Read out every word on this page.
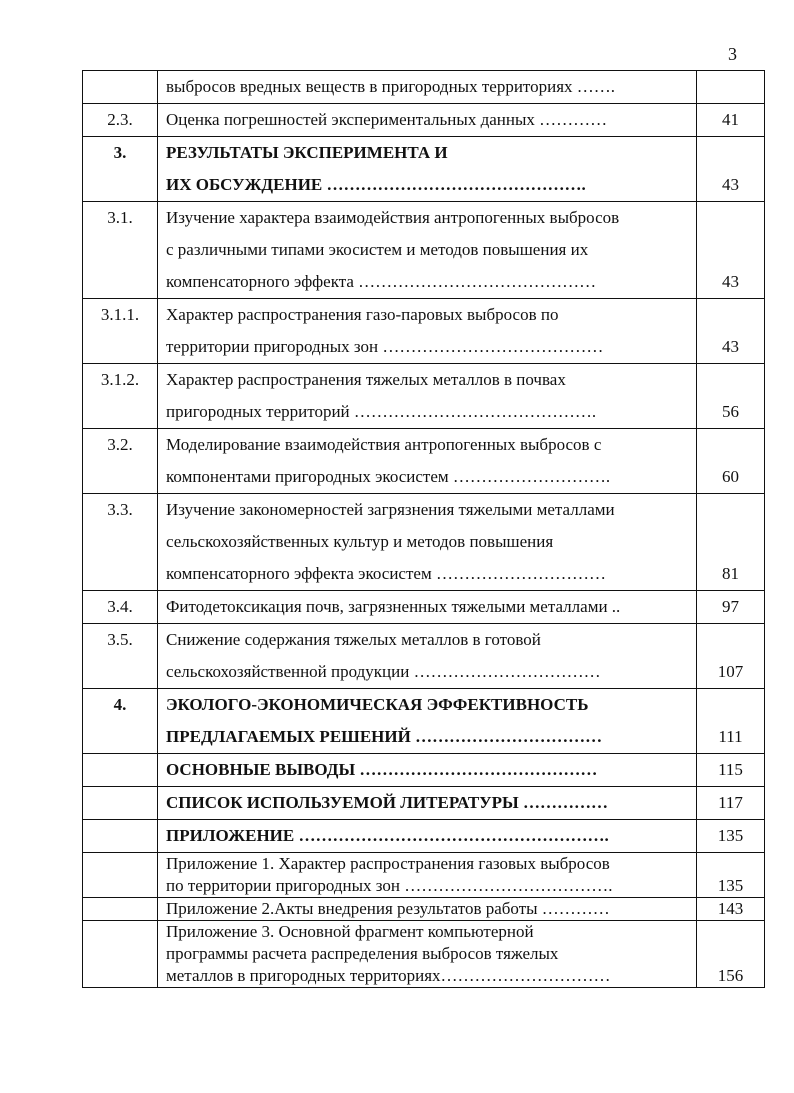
3

	выбросов вредных веществ в пригородных территориях …….	

2.3.	Оценка погрешностей экспериментальных данных …………	41

3.	РЕЗУЛЬТАТЫ ЭКСПЕРИМЕНТА И
ИХ ОБСУЖДЕНИЕ ……………………………………….	43

3.1.	Изучение характера взаимодействия антропогенных выбросов
с различными типами экосистем и методов повышения их
компенсаторного эффекта ……………………………………	43

3.1.1.	Характер распространения газо-паровых выбросов по
территории пригородных зон …………………………………	43

3.1.2.	Характер распространения тяжелых металлов в почвах
пригородных территорий …………………………………….	56

3.2.	Моделирование взаимодействия антропогенных выбросов с
компонентами пригородных экосистем ……………………….	60

3.3.	Изучение закономерностей загрязнения тяжелыми металлами
сельскохозяйственных культур и методов повышения
компенсаторного эффекта экосистем …………………………	81

3.4.	Фитодетоксикация почв, загрязненных тяжелыми металлами ..	97

3.5.	Снижение содержания тяжелых металлов в готовой
сельскохозяйственной продукции ……………………………	107

4.	ЭКОЛОГО-ЭКОНОМИЧЕСКАЯ ЭФФЕКТИВНОСТЬ
ПРЕДЛАГАЕМЫХ РЕШЕНИЙ ……………………………	111

	ОСНОВНЫЕ ВЫВОДЫ ……………………………………	115

	СПИСОК ИСПОЛЬЗУЕМОЙ ЛИТЕРАТУРЫ ……………	117

	ПРИЛОЖЕНИЕ ……………………………………………….	135

	Приложение 1. Характер распространения газовых выбросов
по территории пригородных зон ……………………………….	135

	Приложение 2.Акты внедрения результатов работы …………	143

	Приложение 3. Основной фрагмент компьютерной
программы расчета распределения выбросов тяжелых
металлов в пригородных территориях…………………………	156
